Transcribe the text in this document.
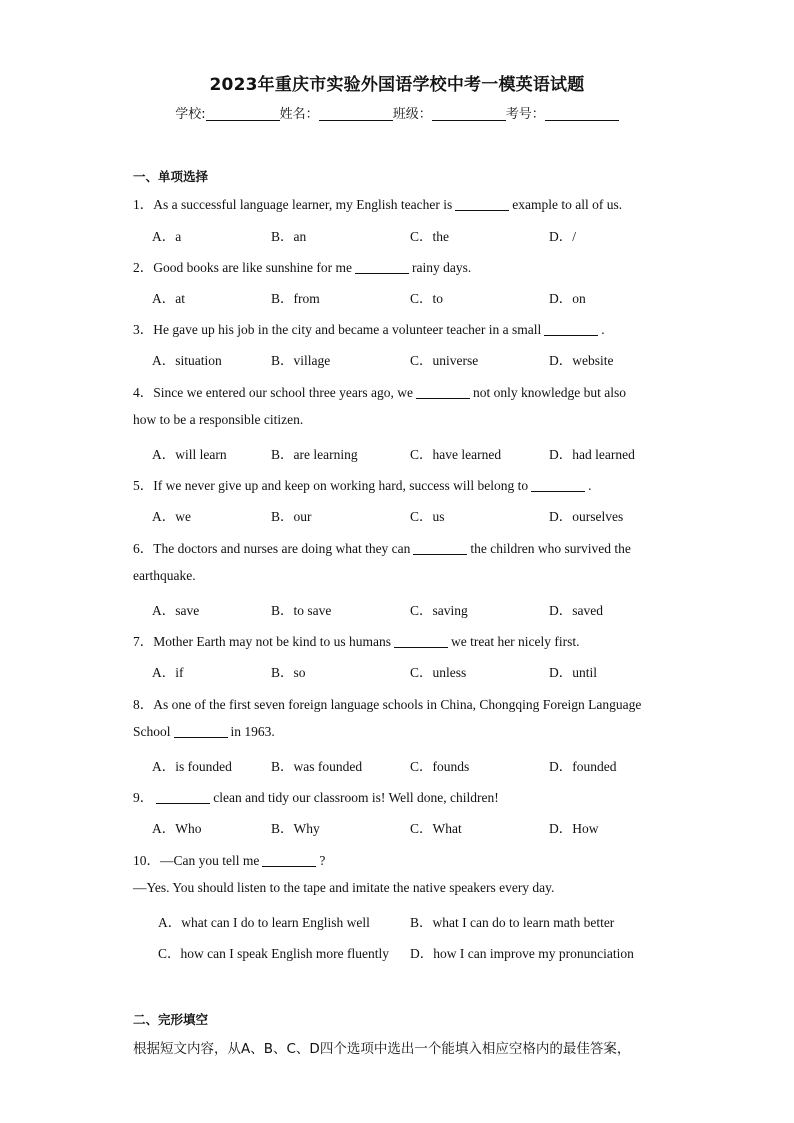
2023年重庆市实验外国语学校中考一模英语试题
学校:	姓名：	班级：	考号：
一、单项选择
1．As a successful language learner, my English teacher is	example to all of us.
A．a	B．an	C．the	D．/
2．Good books are like sunshine for me	rainy days.
A．at	B．from	C．to	D．on
3．He gave up his job in the city and became a volunteer teacher in a small	.
A．situation	B．village	C．universe	D．website
4．Since we entered our school three years ago, we	not only knowledge but also
how to be a responsible citizen.
A．will learn	B．are learning	C．have learned	D．had learned
5．If we never give up and keep on working hard, success will belong to	.
A．we	B．our	C．us	D．ourselves
6．The doctors and nurses are doing what they can	the children who survived the
earthquake.
A．save	B．to save	C．saving	D．saved
7．Mother Earth may not be kind to us humans	we treat her nicely first.
A．if	B．so	C．unless	D．until
8．As one of the first seven foreign language schools in China, Chongqing Foreign Language
School	in 1963.
A．is founded	B．was founded	C．founds	D．founded
9．	clean and tidy our classroom is! Well done, children!
A．Who	B．Why	C．What	D．How
10．—Can you tell me	?
—Yes. You should listen to the tape and imitate the native speakers every day.
A．what can I do to learn English well	B．what I can do to learn math better
C．how can I speak English more fluently D．how I can improve my pronunciation
二、完形填空
根据短文内容，从A、B、C、D四个选项中选出一个能填入相应空格内的最佳答案，
